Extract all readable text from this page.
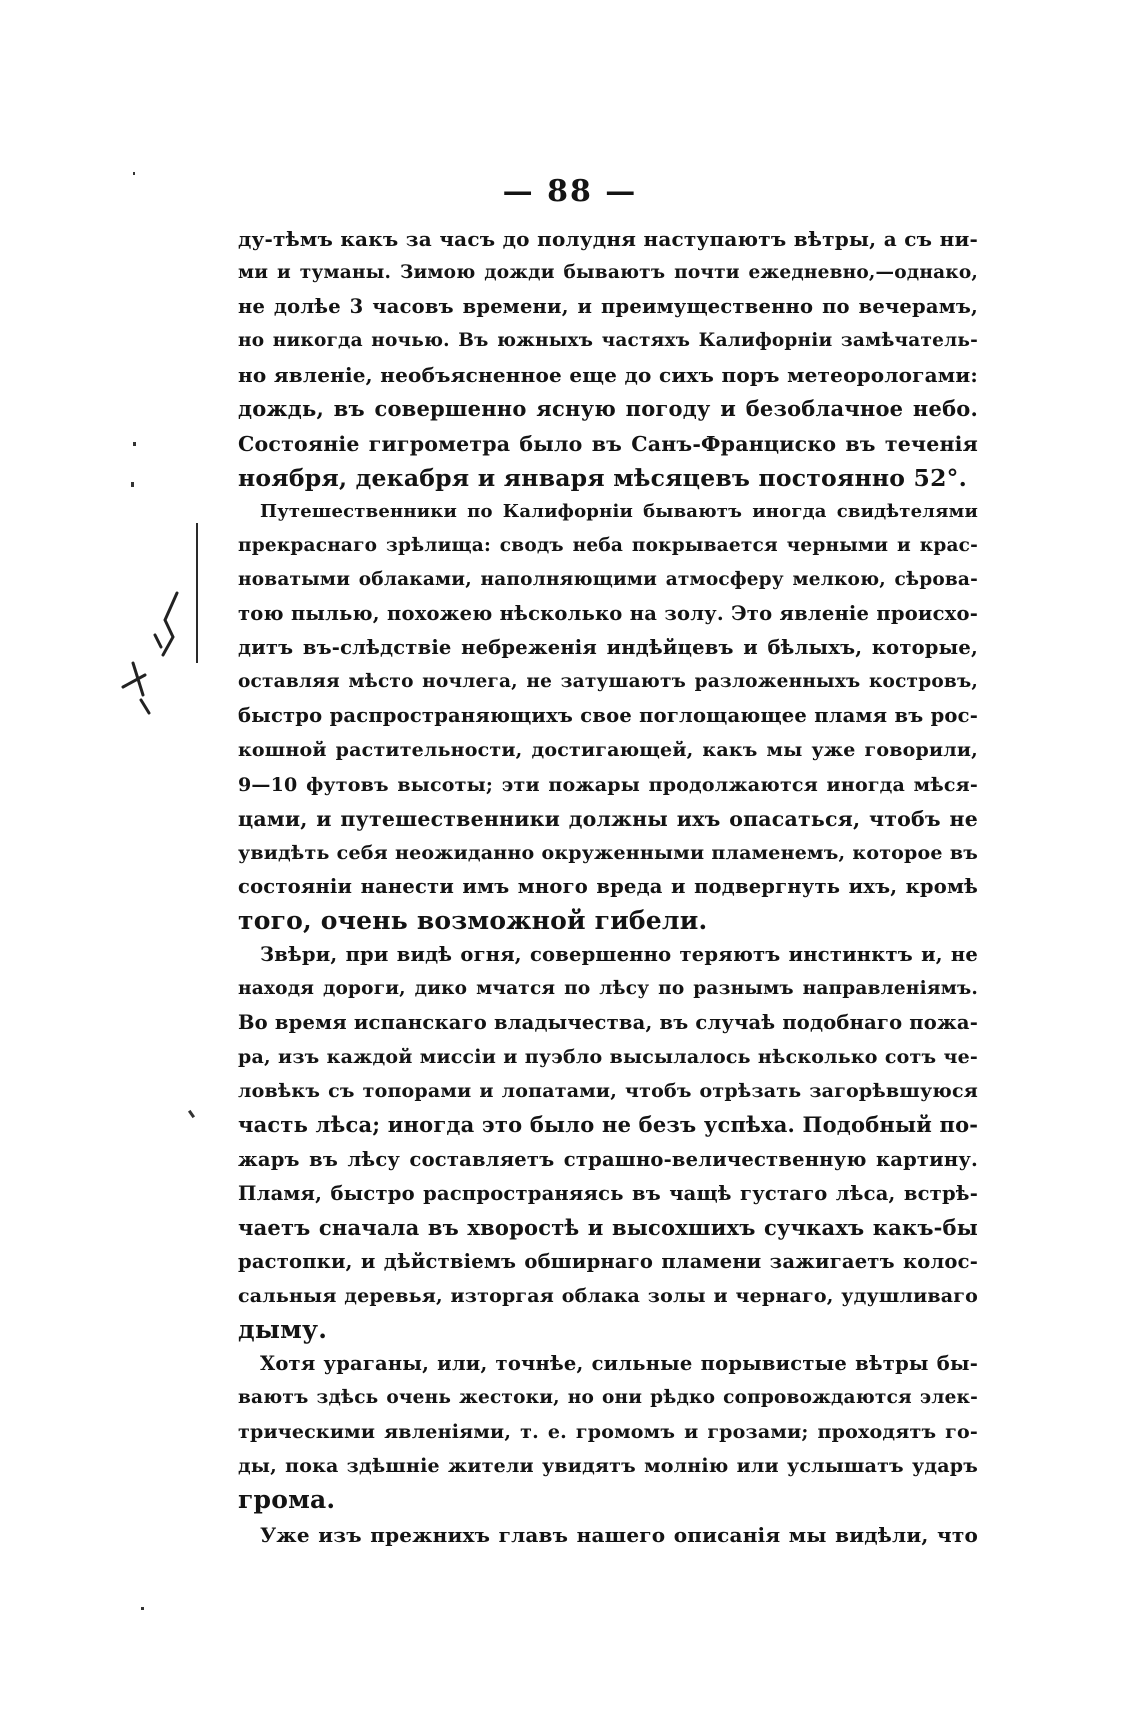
— 88 —
ду-тѣмъ какъ за часъ до полудня наступаютъ вѣтры, а съ ни-
ми и туманы. Зимою дожди бываютъ почти ежедневно,—однако,
не долѣе 3 часовъ времени, и преимущественно по вечерамъ,
но никогда ночью. Въ южныхъ частяхъ Калифорніи замѣчатель-
но явленіе, необъясненное еще до сихъ поръ метеорологами:
дождь, въ совершенно ясную погоду и безоблачное небо.
Состояніе гигрометра было въ Санъ-Франциско въ теченія
ноября, декабря и января мѣсяцевъ постоянно 52°.
Путешественники по Калифорніи бываютъ иногда свидѣтелями
прекраснаго зрѣлища: сводъ неба покрывается черными и крас-
новатыми облаками, наполняющими атмосферу мелкою, сѣрова-
тою пылью, похожею нѣсколько на золу. Это явленіе происхо-
дитъ въ-слѣдствіе небреженія индѣйцевъ и бѣлыхъ, которые,
оставляя мѣсто ночлега, не затушаютъ разложенныхъ костровъ,
быстро распространяющихъ свое поглощающее пламя въ рос-
кошной растительности, достигающей, какъ мы уже говорили,
9—10 футовъ высоты; эти пожары продолжаются иногда мѣся-
цами, и путешественники должны ихъ опасаться, чтобъ не
увидѣть себя неожиданно окруженными пламенемъ, которое въ
состояніи нанести имъ много вреда и подвергнуть ихъ, кромѣ
того, очень возможной гибели.
Звѣри, при видѣ огня, совершенно теряютъ инстинктъ и, не
находя дороги, дико мчатся по лѣсу по разнымъ направленіямъ.
Во время испанскаго владычества, въ случаѣ подобнаго пожа-
ра, изъ каждой миссіи и пуэбло высылалось нѣсколько сотъ че-
ловѣкъ съ топорами и лопатами, чтобъ отрѣзать загорѣвшуюся
часть лѣса; иногда это было не безъ успѣха. Подобный по-
жаръ въ лѣсу составляетъ страшно-величественную картину.
Пламя, быстро распространяясь въ чащѣ густаго лѣса, встрѣ-
чаетъ сначала въ хворостѣ и высохшихъ сучкахъ какъ-бы
растопки, и дѣйствіемъ обширнаго пламени зажигаетъ колос-
сальныя деревья, изторгая облака золы и чернаго, удушливаго
дыму.
Хотя ураганы, или, точнѣе, сильные порывистые вѣтры бы-
ваютъ здѣсь очень жестоки, но они рѣдко сопровождаются элек-
трическими явленіями, т. е. громомъ и грозами; проходятъ го-
ды, пока здѣшніе жители увидятъ молнію или услышатъ ударъ
грома.
Уже изъ прежнихъ главъ нашего описанія мы видѣли, что
